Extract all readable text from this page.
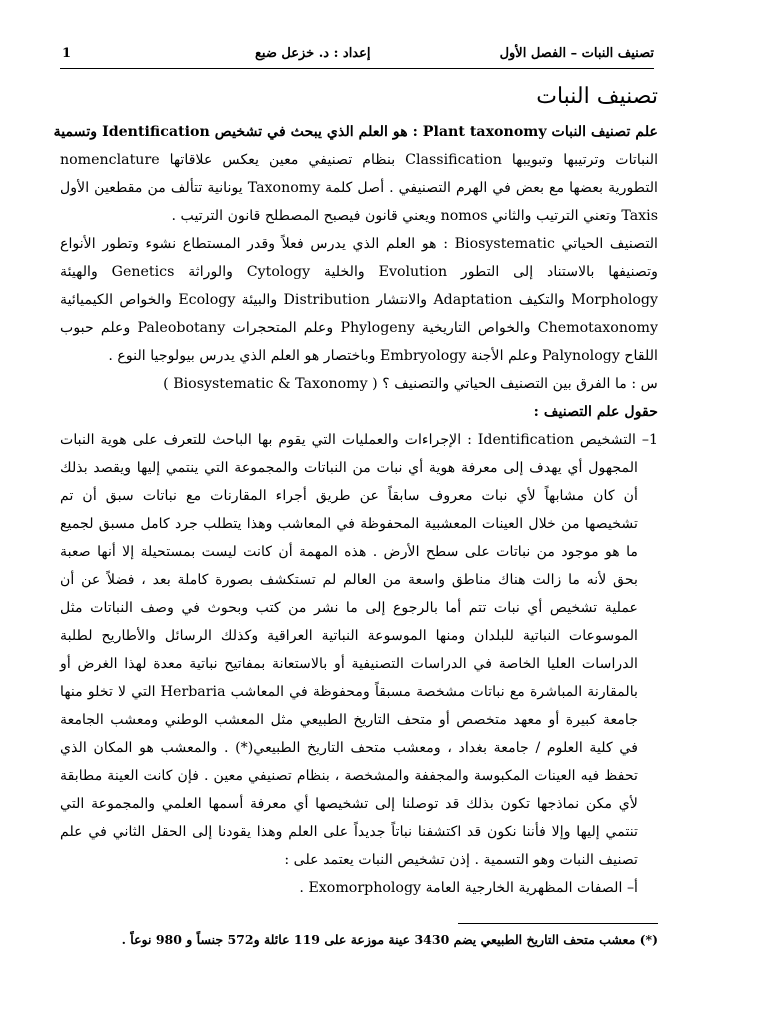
تصنيف النبات – الفصل الأول
إعداد : د. خزعل ضبع
1
تصنيف النبات
علم تصنيف النبات Plant taxonomy : هو العلم الذي يبحث في تشخيص Identification وتسمية
النباتات وترتيبها وتبويبها Classification بنظام تصنيفي معين يعكس علاقاتها nomenclature
التطورية بعضها مع بعض في الهرم التصنيفي . أصل كلمة Taxonomy يونانية تتألف من مقطعين الأول
Taxis وتعني الترتيب والثاني nomos ويعني قانون فيصبح المصطلح قانون الترتيب .
التصنيف الحياتي Biosystematic : هو العلم الذي يدرس فعلاً وقدر المستطاع نشوء وتطور الأنواع
وتصنيفها بالاستناد إلى التطور Evolution والخلية Cytology والوراثة Genetics والهيئة
Morphology والتكيف Adaptation والانتشار Distribution والبيئة Ecology والخواص الكيميائية
Chemotaxonomy والخواص التاريخية Phylogeny وعلم المتحجرات Paleobotany وعلم حبوب
اللقاح Palynology وعلم الأجنة Embryology وباختصار هو العلم الذي يدرس بيولوجيا النوع .
س : ما الفرق بين التصنيف الحياتي والتصنيف ؟ ( Biosystematic & Taxonomy )
حقول علم التصنيف :
1– التشخيص Identification : الإجراءات والعمليات التي يقوم بها الباحث للتعرف على هوية النبات
المجهول أي يهدف إلى معرفة هوية أي نبات من النباتات والمجموعة التي ينتمي إليها ويقصد بذلك
أن كان مشابهاً لأي نبات معروف سابقاً عن طريق أجراء المقارنات مع نباتات سبق أن تم
تشخيصها من خلال العينات المعشبية المحفوظة في المعاشب وهذا يتطلب جرد كامل مسبق لجميع
ما هو موجود من نباتات على سطح الأرض . هذه المهمة أن كانت ليست بمستحيلة إلا أنها صعبة
بحق لأنه ما زالت هناك مناطق واسعة من العالم لم تستكشف بصورة كاملة بعد ، فضلاً عن أن
عملية تشخيص أي نبات تتم أما بالرجوع إلى ما نشر من كتب وبحوث في وصف النباتات مثل
الموسوعات النباتية للبلدان ومنها الموسوعة النباتية العراقية وكذلك الرسائل والأطاريح لطلبة
الدراسات العليا الخاصة في الدراسات التصنيفية أو بالاستعانة بمفاتيح نباتية معدة لهذا الغرض أو
بالمقارنة المباشرة مع نباتات مشخصة مسبقاً ومحفوظة في المعاشب Herbaria التي لا تخلو منها
جامعة كبيرة أو معهد متخصص أو متحف التاريخ الطبيعي مثل المعشب الوطني ومعشب الجامعة
في كلية العلوم / جامعة بغداد ، ومعشب متحف التاريخ الطبيعي(*) . والمعشب هو المكان الذي
تحفظ فيه العينات المكبوسة والمجففة والمشخصة ، بنظام تصنيفي معين . فإن كانت العينة مطابقة
لأي مكن نماذجها تكون بذلك قد توصلنا إلى تشخيصها أي معرفة أسمها العلمي والمجموعة التي
تنتمي إليها وإلا فأننا نكون قد اكتشفنا نباتاً جديداً على العلم وهذا يقودنا إلى الحقل الثاني في علم
تصنيف النبات وهو التسمية . إذن تشخيص النبات يعتمد على :
أ– الصفات المظهرية الخارجية العامة Exomorphology .
(*) معشب متحف التاريخ الطبيعي يضم 3430 عينة موزعة على 119 عائلة و572 جنساً و 980 نوعاً .
